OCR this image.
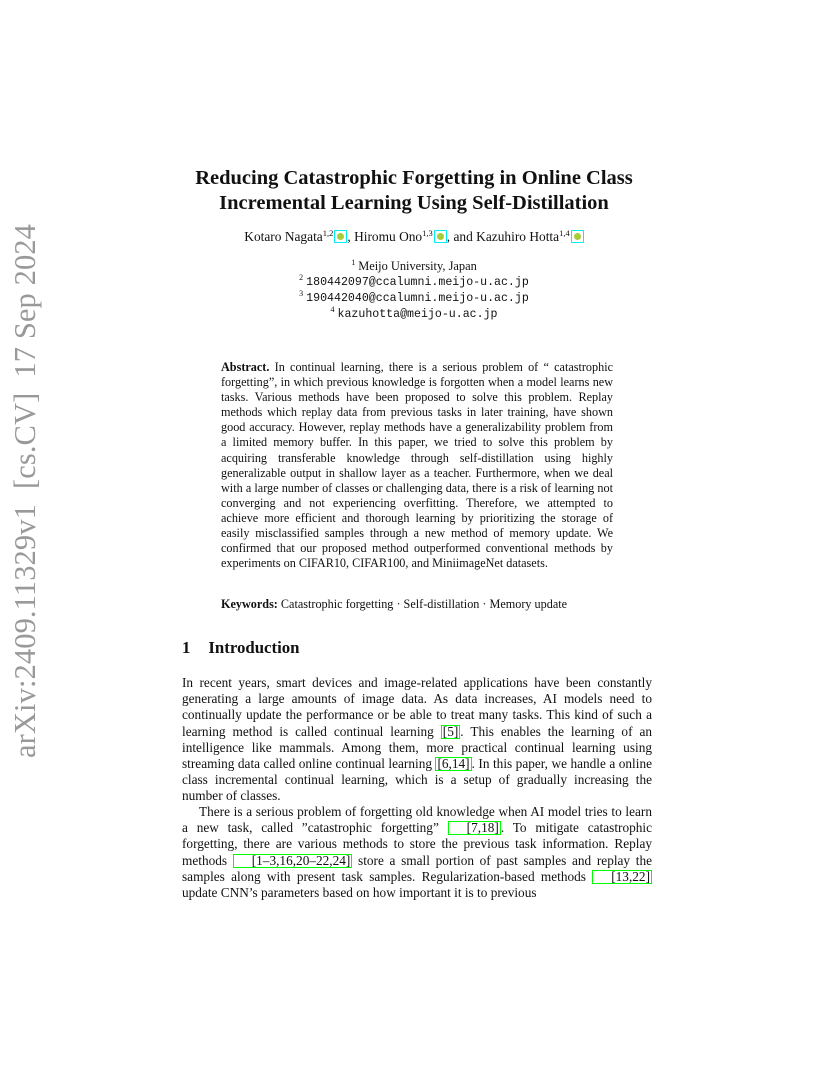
arXiv:2409.11329v1[cs.CV]17 Sep 2024
Reducing Catastrophic Forgetting in Online Class
Incremental Learning Using Self-Distillation
Kotaro Nagata$^{1,2}$ , Hiromu Ono$^{1,3}$ , and Kazuhiro Hotta$^{1,4}$
$^1$ Meijo University, Japan
$^2$ 180442097@ccalumni.meijo-u.ac.jp
$^3$ 190442040@ccalumni.meijo-u.ac.jp
$^4$ kazuhotta@meijo-u.ac.jp

Abstract. In continual learning, there is a serious problem of “ catastrophic forgetting”, in which previous knowledge is forgotten when a model learns new tasks. Various methods have been proposed to solve this problem. Replay methods which replay data from previous tasks in later training, have shown good accuracy. However, replay methods have a generalizability problem from a limited memory buffer. In this paper, we tried to solve this problem by acquiring transferable knowledge through self-distillation using highly generalizable output in shallow layer as a teacher. Furthermore, when we deal with a large number of classes or challenging data, there is a risk of learning not converging and not experiencing overfitting. Therefore, we attempted to achieve more efficient and thorough learning by prioritizing the storage of easily misclassified samples through a new method of memory update. We confirmed that our proposed method outperformed conventional methods by experiments on CIFAR10, CIFAR100, and MiniimageNet datasets.

Keywords: Catastrophic forgetting · Self-distillation · Memory update

1 Introduction

In recent years, smart devices and image-related applications have been constantly generating a large amounts of image data. As data increases, AI models need to continually update the performance or be able to treat many tasks. This kind of such a learning method is called continual learning [5] . This enables the learning of an intelligence like mammals. Among them, more practical continual learning using streaming data called online continual learning [6,14] . In this paper, we handle a online class incremental continual learning, which is a setup of gradually increasing the number of classes.

There is a serious problem of forgetting old knowledge when AI model tries to learn a new task, called ”catastrophic forgetting” [7,18] . To mitigate catastrophic forgetting, there are various methods to store the previous task information. Replay methods [1–3,16,20–22,24] store a small portion of past samples and replay the samples along with present task samples. Regularization-based methods [13,22] update CNN’s parameters based on how important it is to previous
